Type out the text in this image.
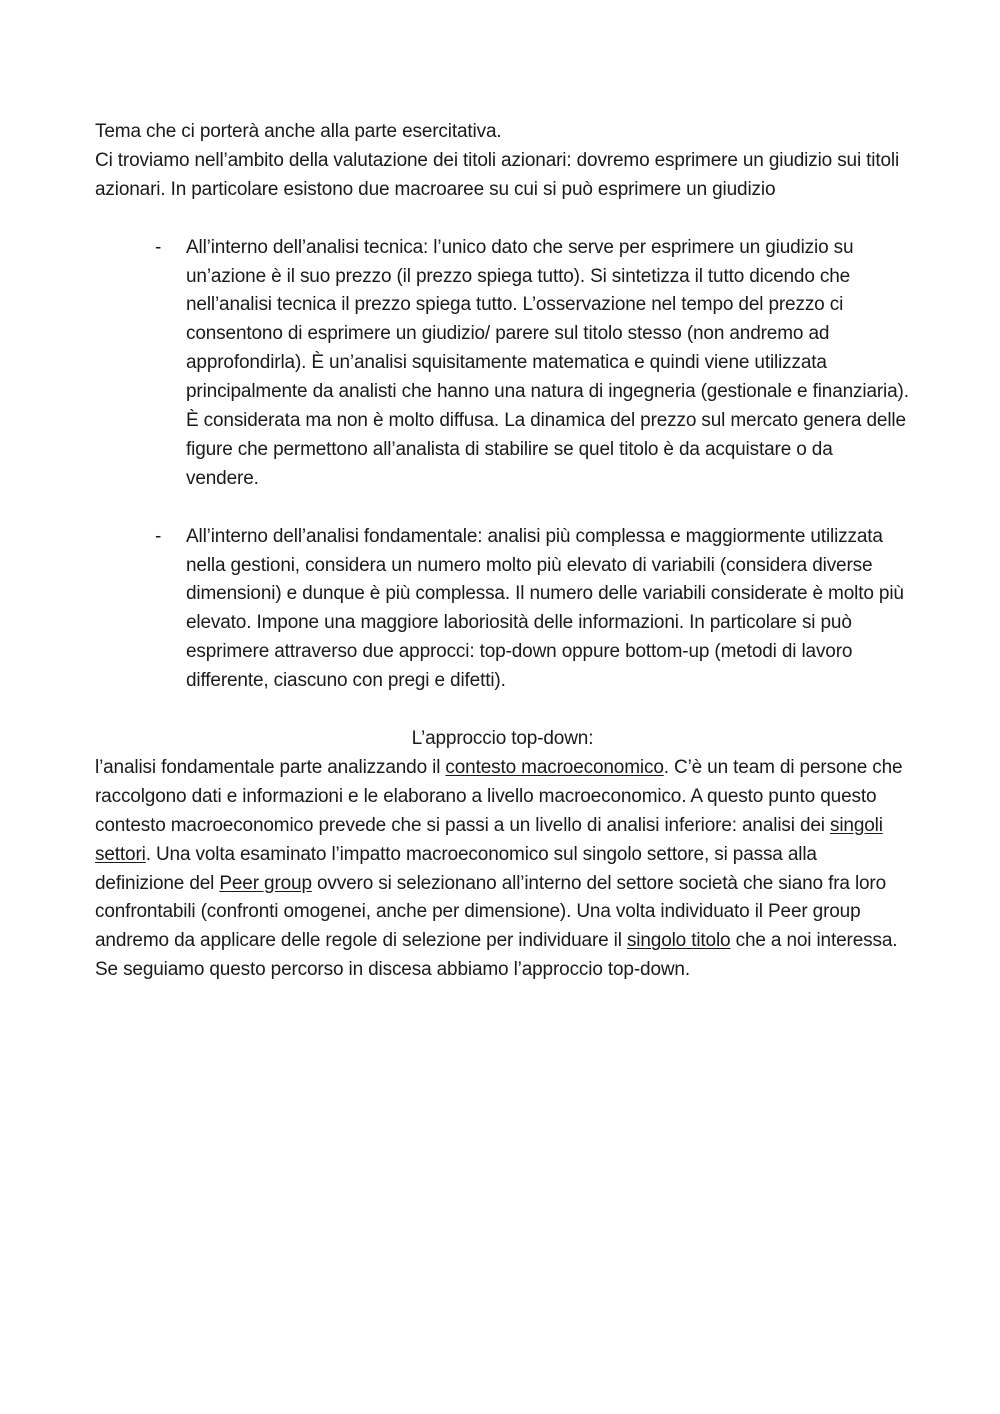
Tema che ci porterà anche alla parte esercitativa.

Ci troviamo nell’ambito della valutazione dei titoli azionari: dovremo esprimere un giudizio sui titoli azionari. In particolare esistono due macroaree su cui si può esprimere un giudizio

- All’interno dell’analisi tecnica: l’unico dato che serve per esprimere un giudizio su un’azione è il suo prezzo (il prezzo spiega tutto). Si sintetizza il tutto dicendo che nell’analisi tecnica il prezzo spiega tutto. L’osservazione nel tempo del prezzo ci consentono di esprimere un giudizio/ parere sul titolo stesso (non andremo ad approfondirla). È un’analisi squisitamente matematica e quindi viene utilizzata principalmente da analisti che hanno una natura di ingegneria (gestionale e finanziaria). È considerata ma non è molto diffusa. La dinamica del prezzo sul mercato genera delle figure che permettono all’analista di stabilire se quel titolo è da acquistare o da vendere.

- All’interno dell’analisi fondamentale: analisi più complessa e maggiormente utilizzata nella gestioni, considera un numero molto più elevato di variabili (considera diverse dimensioni) e dunque è più complessa. Il numero delle variabili considerate è molto più elevato. Impone una maggiore laboriosità delle informazioni. In particolare si può esprimere attraverso due approcci: top-down oppure bottom-up (metodi di lavoro differente, ciascuno con pregi e difetti).

L’approccio top-down:

l’analisi fondamentale parte analizzando il contesto macroeconomico. C’è un team di persone che raccolgono dati e informazioni e le elaborano a livello macroeconomico. A questo punto questo contesto macroeconomico prevede che si passi a un livello di analisi inferiore: analisi dei singoli settori. Una volta esaminato l’impatto macroeconomico sul singolo settore, si passa alla definizione del Peer group ovvero si selezionano all’interno del settore società che siano fra loro confrontabili (confronti omogenei, anche per dimensione). Una volta individuato il Peer group andremo da applicare delle regole di selezione per individuare il singolo titolo che a noi interessa. Se seguiamo questo percorso in discesa abbiamo l’approccio top-down.
